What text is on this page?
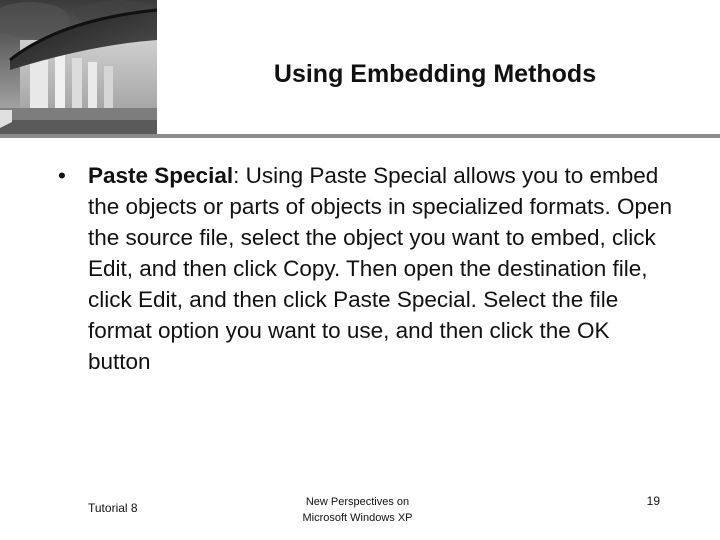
Using Embedding Methods
• Paste Special: Using Paste Special allows you to embed the objects or parts of objects in specialized formats. Open the source file, select the object you want to embed, click Edit, and then click Copy. Then open the destination file, click Edit, and then click Paste Special. Select the file format option you want to use, and then click the OK button
Tutorial 8	New Perspectives on
Microsoft Windows XP
19
